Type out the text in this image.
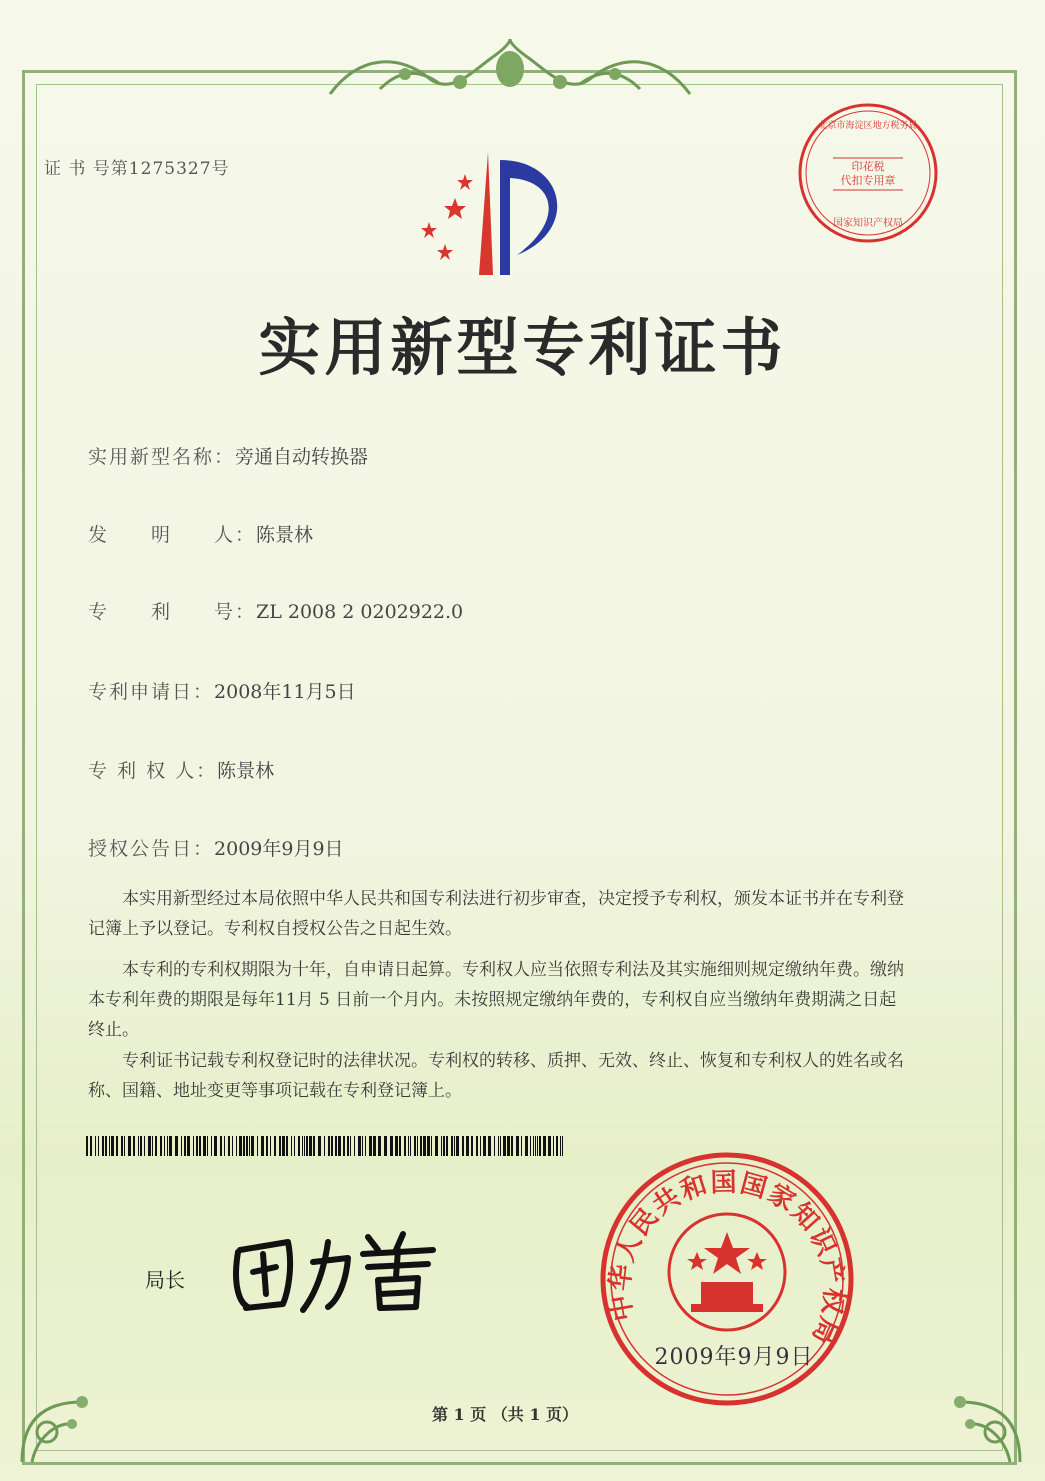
证 书 号第1275327号	印花税
代扣专用章
北京市海淀区地方税务局
国家知识产权局
实用新型专利证书
实用新型名称：旁通自动转换器
发　　明　　人：陈景林
专　　利　　号：ZL 2008 2 0202922.0
专利申请日：2008年11月5日
专 利 权 人：陈景林
授权公告日：2009年9月9日
本实用新型经过本局依照中华人民共和国专利法进行初步审查，决定授予专利权，颁发本证书并在专利登记簿上予以登记。专利权自授权公告之日起生效。
本专利的专利权期限为十年，自申请日起算。专利权人应当依照专利法及其实施细则规定缴纳年费。缴纳本专利年费的期限是每年11月 5 日前一个月内。未按照规定缴纳年费的，专利权自应当缴纳年费期满之日起终止。
专利证书记载专利权登记时的法律状况。专利权的转移、质押、无效、终止、恢复和专利权人的姓名或名称、国籍、地址变更等事项记载在专利登记簿上。
局长
中华人民共和国国家知识产权局
2009年9月9日
第 1 页 （共 1 页）
